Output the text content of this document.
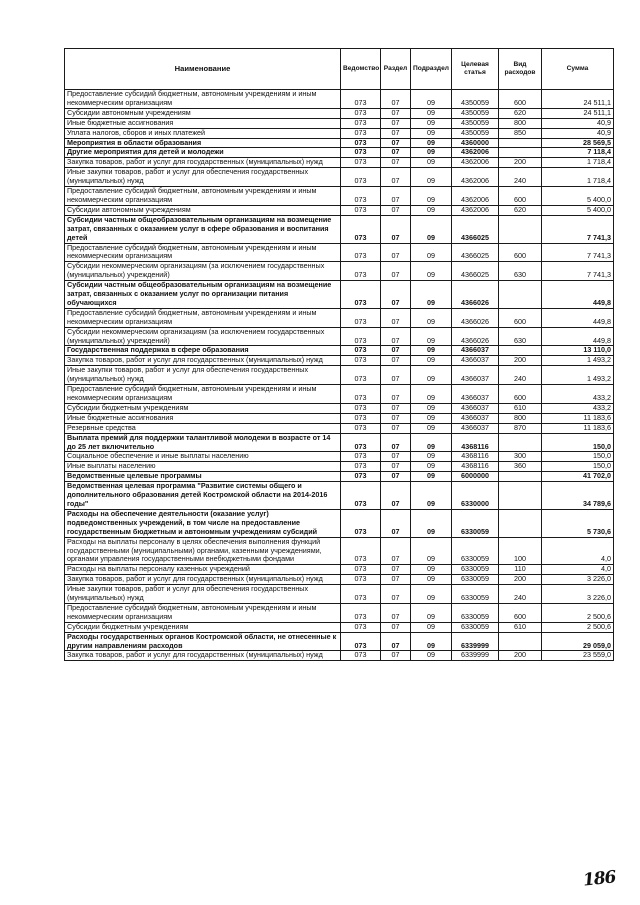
Наименование	Ведомство	Раздел	Подраздел	Целевая статья	Вид расходов	Сумма
Предоставление субсидий бюджетным, автономным учреждениям и иным некоммерческим организациям	073	07	09	4350059	600	24 511,1
Субсидии автономным учреждениям	073	07	09	4350059	620	24 511,1
Иные бюджетные ассигнования	073	07	09	4350059	800	40,9
Уплата налогов, сборов и иных платежей	073	07	09	4350059	850	40,9
Мероприятия в области образования	073	07	09	4360000		28 569,5
Другие мероприятия для детей и молодежи	073	07	09	4362006		7 118,4
Закупка товаров, работ и услуг для государственных (муниципальных) нужд	073	07	09	4362006	200	1 718,4
Иные закупки товаров, работ и услуг для обеспечения государственных (муниципальных) нужд	073	07	09	4362006	240	1 718,4
Предоставление субсидий бюджетным, автономным учреждениям и иным некоммерческим организациям	073	07	09	4362006	600	5 400,0
Субсидии автономным учреждениям	073	07	09	4362006	620	5 400,0
Субсидии частным общеобразовательным организациям на возмещение затрат, связанных с оказанием услуг в сфере образования и воспитания детей	073	07	09	4366025		7 741,3
Предоставление субсидий бюджетным, автономным учреждениям и иным некоммерческим организациям	073	07	09	4366025	600	7 741,3
Субсидии некоммерческим организациям (за исключением государственных (муниципальных) учреждений)	073	07	09	4366025	630	7 741,3
Субсидии частным общеобразовательным организациям на возмещение затрат, связанных с оказанием услуг по организации питания обучающихся	073	07	09	4366026		449,8
Предоставление субсидий бюджетным, автономным учреждениям и иным некоммерческим организациям	073	07	09	4366026	600	449,8
Субсидии некоммерческим организациям (за исключением государственных (муниципальных) учреждений)	073	07	09	4366026	630	449,8
Государственная поддержка в сфере образования	073	07	09	4366037		13 110,0
Закупка товаров, работ и услуг для государственных (муниципальных) нужд	073	07	09	4366037	200	1 493,2
Иные закупки товаров, работ и услуг для обеспечения государственных (муниципальных) нужд	073	07	09	4366037	240	1 493,2
Предоставление субсидий бюджетным, автономным учреждениям и иным некоммерческим организациям	073	07	09	4366037	600	433,2
Субсидии бюджетным учреждениям	073	07	09	4366037	610	433,2
Иные бюджетные ассигнования	073	07	09	4366037	800	11 183,6
Резервные средства	073	07	09	4366037	870	11 183,6
Выплата премий для поддержки талантливой молодежи в возрасте от 14 до 25 лет включительно	073	07	09	4368116		150,0
Социальное обеспечение и иные выплаты населению	073	07	09	4368116	300	150,0
Иные выплаты населению	073	07	09	4368116	360	150,0
Ведомственные целевые программы	073	07	09	6000000		41 702,0
Ведомственная целевая программа "Развитие системы общего и дополнительного образования детей Костромской области на 2014-2016 годы"	073	07	09	6330000		34 789,6
Расходы на обеспечение деятельности (оказание услуг) подведомственных учреждений, в том числе на предоставление государственным бюджетным и автономным учреждениям субсидий	073	07	09	6330059		5 730,6
Расходы на выплаты персоналу в целях обеспечения выполнения функций государственными (муниципальными) органами, казенными учреждениями, органами управления государственными внебюджетными фондами	073	07	09	6330059	100	4,0
Расходы на выплаты персоналу казенных учреждений	073	07	09	6330059	110	4,0
Закупка товаров, работ и услуг для государственных (муниципальных) нужд	073	07	09	6330059	200	3 226,0
Иные закупки товаров, работ и услуг для обеспечения государственных (муниципальных) нужд	073	07	09	6330059	240	3 226,0
Предоставление субсидий бюджетным, автономным учреждениям и иным некоммерческим организациям	073	07	09	6330059	600	2 500,6
Субсидии бюджетным учреждениям	073	07	09	6330059	610	2 500,6
Расходы государственных органов Костромской области, не отнесенные к другим направлениям расходов	073	07	09	6339999		29 059,0
Закупка товаров, работ и услуг для государственных (муниципальных) нужд	073	07	09	6339999	200	23 559,0
186
